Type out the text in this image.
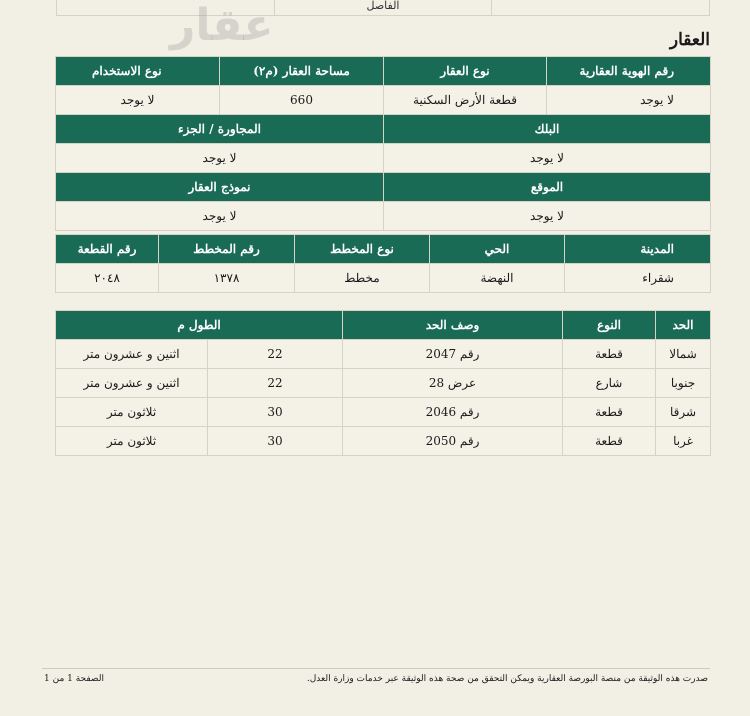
الفاصل
عقار	العقار
رقم الهوية العقارية	نوع العقار	مساحة العقار (م٢)	نوع الاستخدام
لا يوجد	قطعة الأرض السكنية	660	لا يوجد
البلك		المجاورة / الجزء	
لا يوجد		لا يوجد	
الموقع		نموذج العقار	
لا يوجد		لا يوجد	
المدينة	الحي	نوع المخطط	رقم المخطط	رقم القطعة
شقراء	النهضة	مخطط	١٣٧٨	٢٠٤٨
الحد	النوع	وصف الحد	الطول م	
شمالا	قطعة	رقم 2047	22	اثنين و عشرون متر
جنوبا	شارع	عرض 28	22	اثنين و عشرون متر
شرقا	قطعة	رقم 2046	30	ثلاثون متر
غربا	قطعة	رقم 2050	30	ثلاثون متر
صدرت هذه الوثيقة من منصة البورصة العقارية ويمكن التحقق من صحة هذه الوثيقة عبر خدمات وزارة العدل.
الصفحة 1 من 1
